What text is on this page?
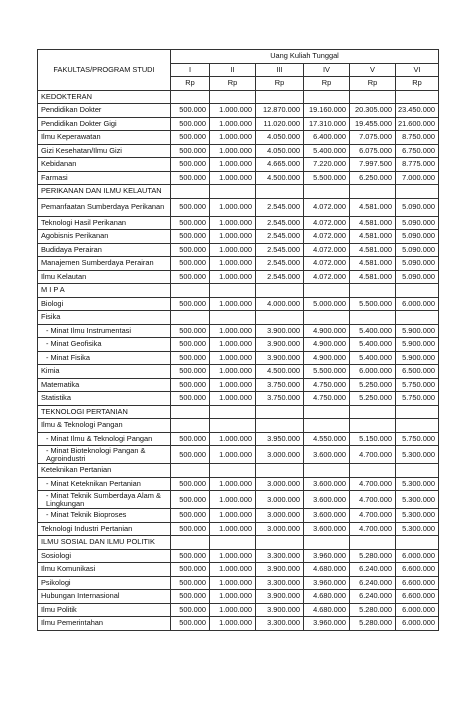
FAKULTAS/PROGRAM STUDI	Uang Kuliah Tunggal					
	I	II	III	IV	V	VI
	Rp	Rp	Rp	Rp	Rp	Rp
KEDOKTERAN						
Pendidikan Dokter	500.000	1.000.000	12.870.000	19.160.000	20.305.000	23.450.000
Pendidikan Dokter Gigi	500.000	1.000.000	11.020.000	17.310.000	19.455.000	21.600.000
Ilmu Keperawatan	500.000	1.000.000	4.050.000	6.400.000	7.075.000	8.750.000
Gizi Kesehatan/Ilmu Gizi	500.000	1.000.000	4.050.000	5.400.000	6.075.000	6.750.000
Kebidanan	500.000	1.000.000	4.665.000	7.220.000	7.997.500	8.775.000
Farmasi	500.000	1.000.000	4.500.000	5.500.000	6.250.000	7.000.000
PERIKANAN DAN ILMU KELAUTAN						
Pemanfaatan Sumberdaya Perikanan	500.000	1.000.000	2.545.000	4.072.000	4.581.000	5.090.000
Teknologi Hasil Perikanan	500.000	1.000.000	2.545.000	4.072.000	4.581.000	5.090.000
Agobisnis Perikanan	500.000	1.000.000	2.545.000	4.072.000	4.581.000	5.090.000
Budidaya Perairan	500.000	1.000.000	2.545.000	4.072.000	4.581.000	5.090.000
Manajemen Sumberdaya Perairan	500.000	1.000.000	2.545.000	4.072.000	4.581.000	5.090.000
Ilmu Kelautan	500.000	1.000.000	2.545.000	4.072.000	4.581.000	5.090.000
M I P A						
Biologi	500.000	1.000.000	4.000.000	5.000.000	5.500.000	6.000.000
Fisika						
- Minat Ilmu Instrumentasi	500.000	1.000.000	3.900.000	4.900.000	5.400.000	5.900.000
- Minat Geofisika	500.000	1.000.000	3.900.000	4.900.000	5.400.000	5.900.000
- Minat Fisika	500.000	1.000.000	3.900.000	4.900.000	5.400.000	5.900.000
Kimia	500.000	1.000.000	4.500.000	5.500.000	6.000.000	6.500.000
Matematika	500.000	1.000.000	3.750.000	4.750.000	5.250.000	5.750.000
Statistika	500.000	1.000.000	3.750.000	4.750.000	5.250.000	5.750.000
TEKNOLOGI PERTANIAN						
Ilmu & Teknologi Pangan						
- Minat Ilmu & Teknologi Pangan	500.000	1.000.000	3.950.000	4.550.000	5.150.000	5.750.000
- Minat Bioteknologi Pangan & Agroindustri	500.000	1.000.000	3.000.000	3.600.000	4.700.000	5.300.000
Keteknikan Pertanian						
- Minat Keteknikan Pertanian	500.000	1.000.000	3.000.000	3.600.000	4.700.000	5.300.000
- Minat Teknik Sumberdaya Alam & Lingkungan	500.000	1.000.000	3.000.000	3.600.000	4.700.000	5.300.000
- Minat Teknik Bioproses	500.000	1.000.000	3.000.000	3.600.000	4.700.000	5.300.000
Teknologi Industri Pertanian	500.000	1.000.000	3.000.000	3.600.000	4.700.000	5.300.000
ILMU SOSIAL DAN ILMU POLITIK						
Sosiologi	500.000	1.000.000	3.300.000	3.960.000	5.280.000	6.000.000
Ilmu Komunikasi	500.000	1.000.000	3.900.000	4.680.000	6.240.000	6.600.000
Psikologi	500.000	1.000.000	3.300.000	3.960.000	6.240.000	6.600.000
Hubungan Internasional	500.000	1.000.000	3.900.000	4.680.000	6.240.000	6.600.000
Ilmu Politik	500.000	1.000.000	3.900.000	4.680.000	5.280.000	6.000.000
Ilmu Pemerintahan	500.000	1.000.000	3.300.000	3.960.000	5.280.000	6.000.000
